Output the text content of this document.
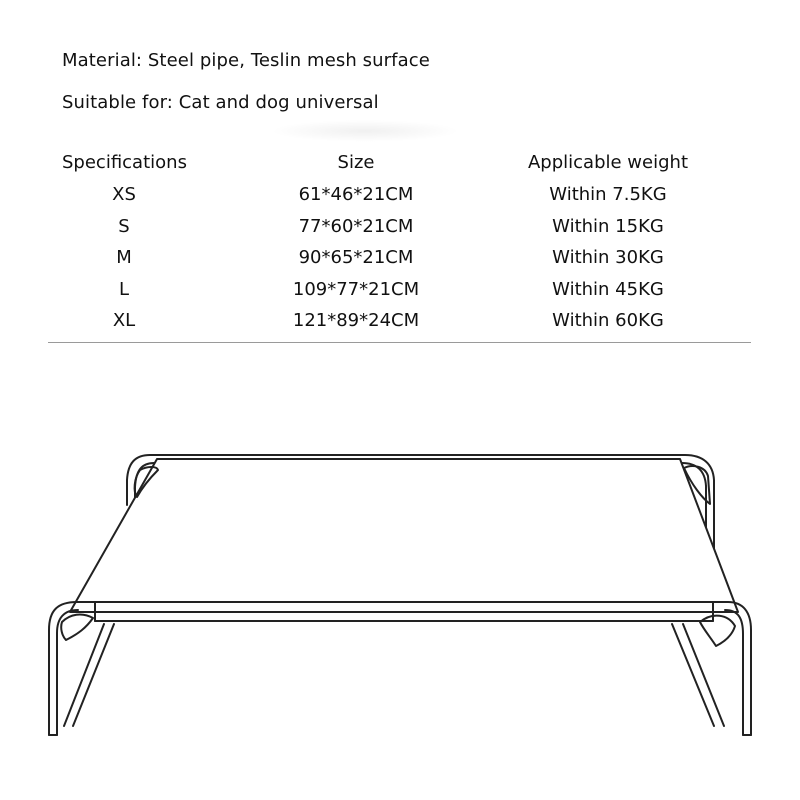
Material: Steel pipe, Teslin mesh surface
Suitable for: Cat and dog universal
Specifications	Size	Applicable weight
XS	61*46*21CM	Within 7.5KG
S	77*60*21CM	Within 15KG
M	90*65*21CM	Within 30KG
L	109*77*21CM	Within 45KG
XL	121*89*24CM	Within 60KG
